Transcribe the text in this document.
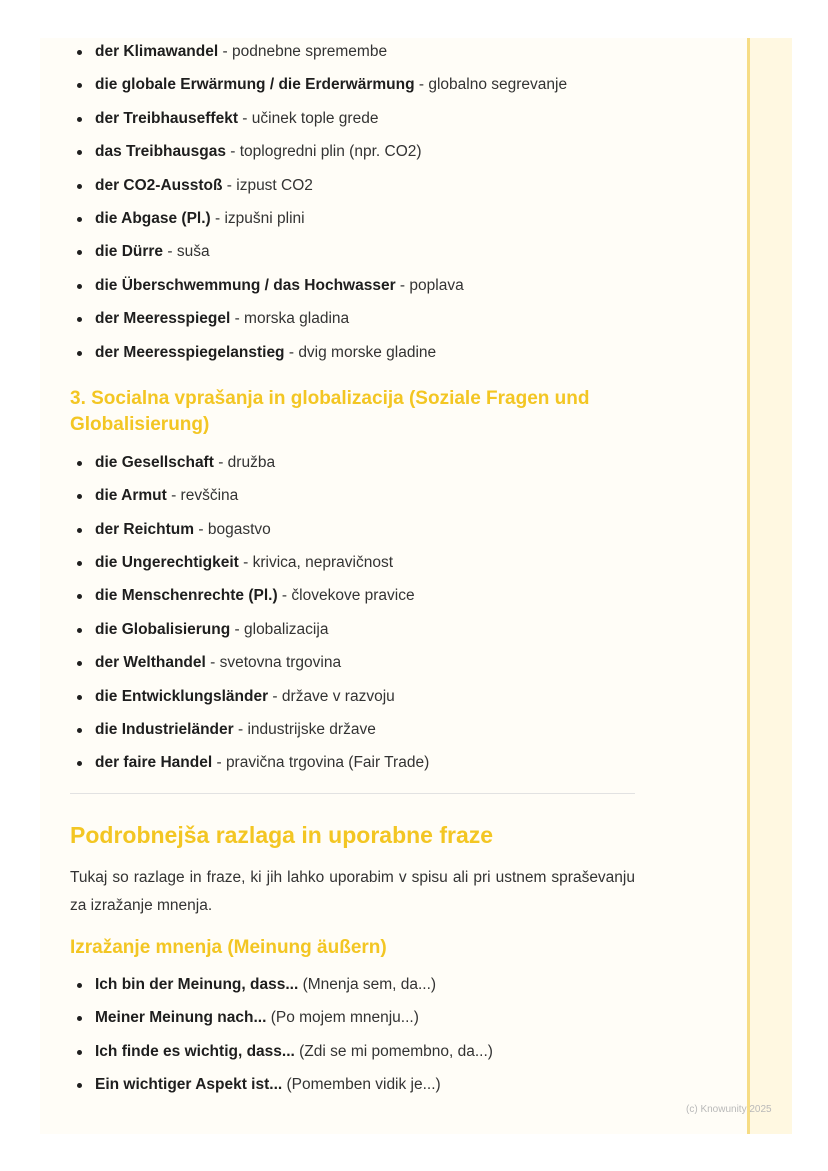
der Klimawandel - podnebne spremembe
die globale Erwärmung / die Erderwärmung - globalno segrevanje
der Treibhauseffekt - učinek tople grede
das Treibhausgas - toplogredni plin (npr. CO2)
der CO2-Ausstoß - izpust CO2
die Abgase (Pl.) - izpušni plini
die Dürre - suša
die Überschwemmung / das Hochwasser - poplava
der Meeresspiegel - morska gladina
der Meeresspiegelanstieg - dvig morske gladine
3. Socialna vprašanja in globalizacija (Soziale Fragen und Globalisierung)
die Gesellschaft - družba
die Armut - revščina
der Reichtum - bogastvo
die Ungerechtigkeit - krivica, nepravičnost
die Menschenrechte (Pl.) - človekove pravice
die Globalisierung - globalizacija
der Welthandel - svetovna trgovina
die Entwicklungsländer - države v razvoju
die Industrieländer - industrijske države
der faire Handel - pravična trgovina (Fair Trade)
Podrobnejša razlaga in uporabne fraze

Tukaj so razlage in fraze, ki jih lahko uporabim v spisu ali pri ustnem spraševanju za izražanje mnenja.

Izražanje mnenja (Meinung äußern)
Ich bin der Meinung, dass... (Mnenja sem, da...)
Meiner Meinung nach... (Po mojem mnenju...)
Ich finde es wichtig, dass... (Zdi se mi pomembno, da...)
Ein wichtiger Aspekt ist... (Pomemben vidik je...)
(c) Knowunity 2025
